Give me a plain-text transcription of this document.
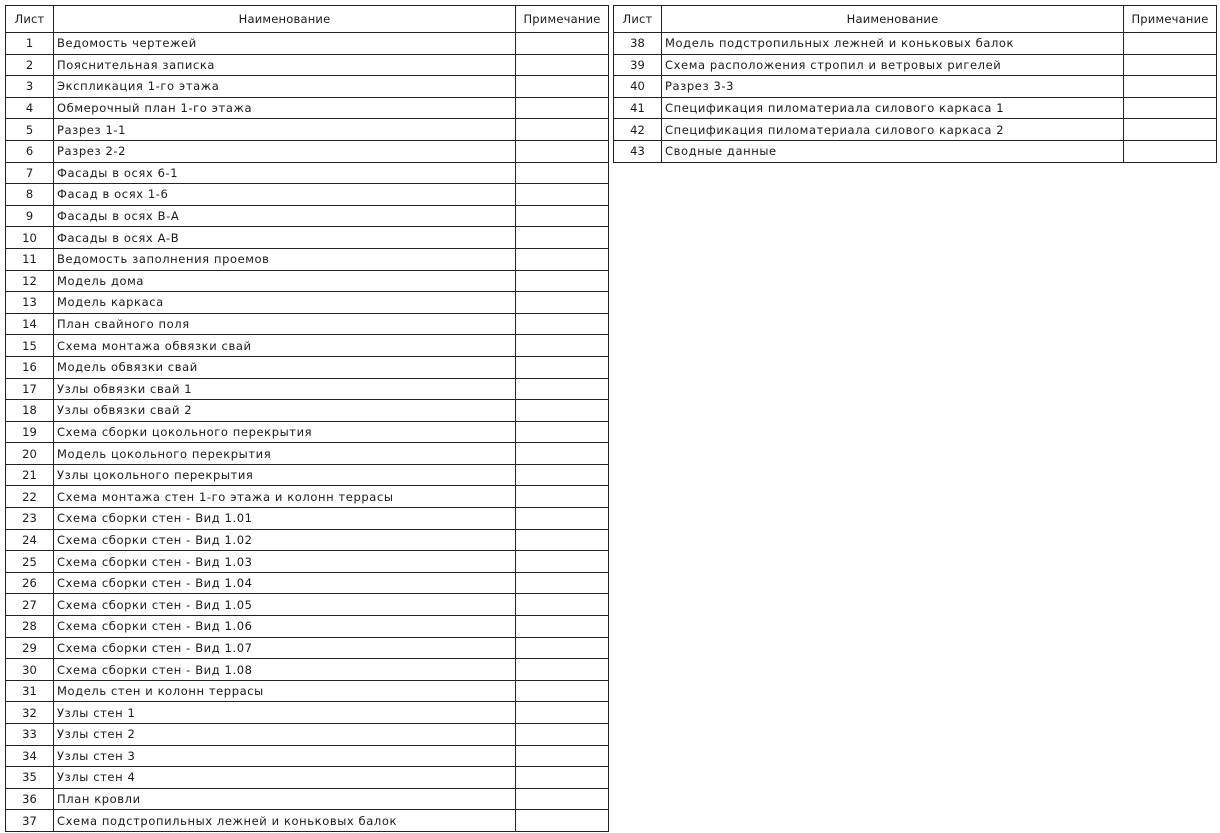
Лист	Наименование	Примечание
1	Ведомость чертежей	
2	Пояснительная записка	
3	Экспликация 1-го этажа	
4	Обмерочный план 1-го этажа	
5	Разрез 1-1	
6	Разрез 2-2	
7	Фасады в осях 6-1	
8	Фасад в осях 1-6	
9	Фасады в осях В-А	
10	Фасады в осях А-В	
11	Ведомость заполнения проемов	
12	Модель дома	
13	Модель каркаса	
14	План свайного поля	
15	Схема монтажа обвязки свай	
16	Модель обвязки свай	
17	Узлы обвязки свай 1	
18	Узлы обвязки свай 2	
19	Схема сборки цокольного перекрытия	
20	Модель цокольного перекрытия	
21	Узлы цокольного перекрытия	
22	Схема монтажа стен 1-го этажа и колонн террасы	
23	Схема сборки стен - Вид 1.01	
24	Схема сборки стен - Вид 1.02	
25	Схема сборки стен - Вид 1.03	
26	Схема сборки стен - Вид 1.04	
27	Схема сборки стен - Вид 1.05	
28	Схема сборки стен - Вид 1.06	
29	Схема сборки стен - Вид 1.07	
30	Схема сборки стен - Вид 1.08	
31	Модель стен и колонн террасы	
32	Узлы стен 1	
33	Узлы стен 2	
34	Узлы стен 3	
35	Узлы стен 4	
36	План кровли	
37	Схема подстропильных лежней и коньковых балок	
Лист	Наименование	Примечание
38	Модель подстропильных лежней и коньковых балок	
39	Схема расположения стропил и ветровых ригелей	
40	Разрез 3-3	
41	Спецификация пиломатериала силового каркаса 1	
42	Спецификация пиломатериала силового каркаса 2	
43	Сводные данные	
